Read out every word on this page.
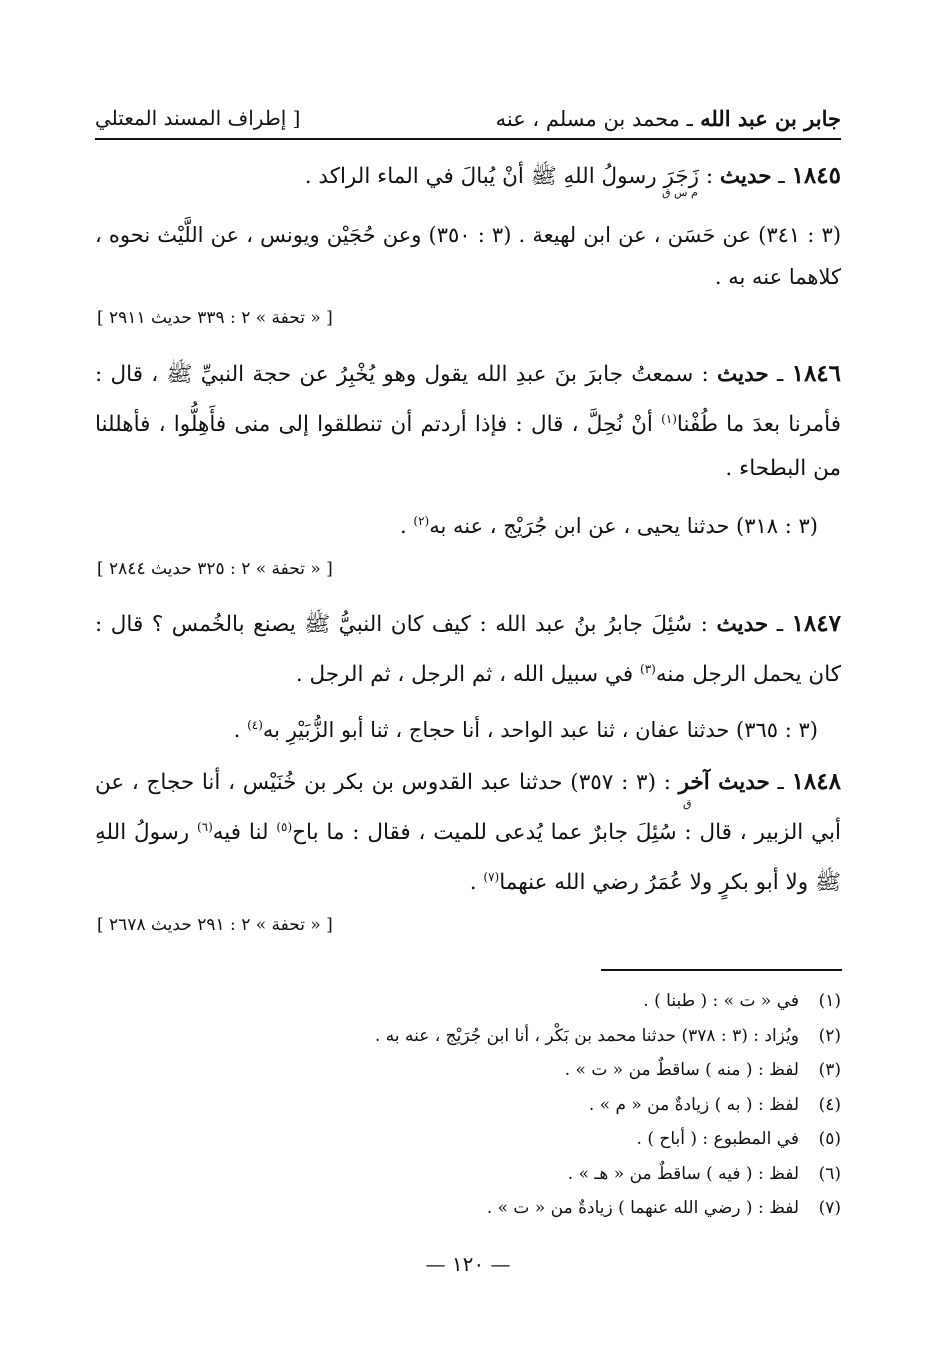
جابر بن عبد الله ـ محمد بن مسلم ، عنه
[ إطراف المسند المعتلي
١٨٤٥ ـ حديث : زَجَرَ رسولُ اللهِ ﷺ أنْ يُبالَ في الماء الراكد .
م س ق
(٣ : ٣٤١) عن حَسَن ، عن ابن لهيعة . (٣ : ٣٥٠) وعن حُجَيْن ويونس ، عن اللَّيْث نحوه ، كلاهما عنه به .
[ « تحفة » ٢ : ٣٣٩ حديث ٢٩١١ ]
١٨٤٦ ـ حديث : سمعتُ جابرَ بنَ عبدِ الله يقول وهو يُخْبِرُ عن حجة النبيِّ ﷺ ، قال : فأمرنا بعدَ ما طُفْنا$^{(١)}$ أنْ نُحِلَّ ، قال : فإذا أردتم أن تنطلقوا إلى منى فأَهِلُّوا ، فأهللنا من البطحاء .
(٣ : ٣١٨) حدثنا يحيى ، عن ابن جُرَيْج ، عنه به$^{(٢)}$ .
[ « تحفة » ٢ : ٣٢٥ حديث ٢٨٤٤ ]
١٨٤٧ ـ حديث : سُئِلَ جابرُ بنُ عبد الله : كيف كان النبيُّ ﷺ يصنع بالخُمس ؟ قال : كان يحمل الرجل منه$^{(٣)}$ في سبيل الله ، ثم الرجل ، ثم الرجل .
(٣ : ٣٦٥) حدثنا عفان ، ثنا عبد الواحد ، أنا حجاج ، ثنا أبو الزُّبَيْرِ به$^{(٤)}$ .
١٨٤٨ ـ حديث آخر : (٣ : ٣٥٧) حدثنا عبد القدوس بن بكر بن خُنَيْس ، أنا حجاج ، عن أبي الزبير ، قال : سُئِلَ جابرٌ عما يُدعى للميت ، فقال : ما باح$^{(٥)}$ لنا فيه$^{(٦)}$ رسولُ اللهِ ﷺ ولا أبو بكرٍ ولا عُمَرُ رضي الله عنهما$^{(٧)}$ .
ق
[ « تحفة » ٢ : ٢٩١ حديث ٢٦٧٨ ]
(١)
في « ت » : ( طبنا ) .
(٢)
ويُزاد : (٣ : ٣٧٨) حدثنا محمد بن بَكْر ، أنا ابن جُرَيْج ، عنه به .
(٣)
لفظ : ( منه ) ساقطٌ من « ت » .
(٤)
لفظ : ( به ) زيادةٌ من « م » .
(٥)
في المطبوع : ( أباح ) .
(٦)
لفظ : ( فيه ) ساقطٌ من « هـ » .
(٧)
لفظ : ( رضي الله عنهما ) زيادةٌ من « ت » .
— ١٢٠ —
